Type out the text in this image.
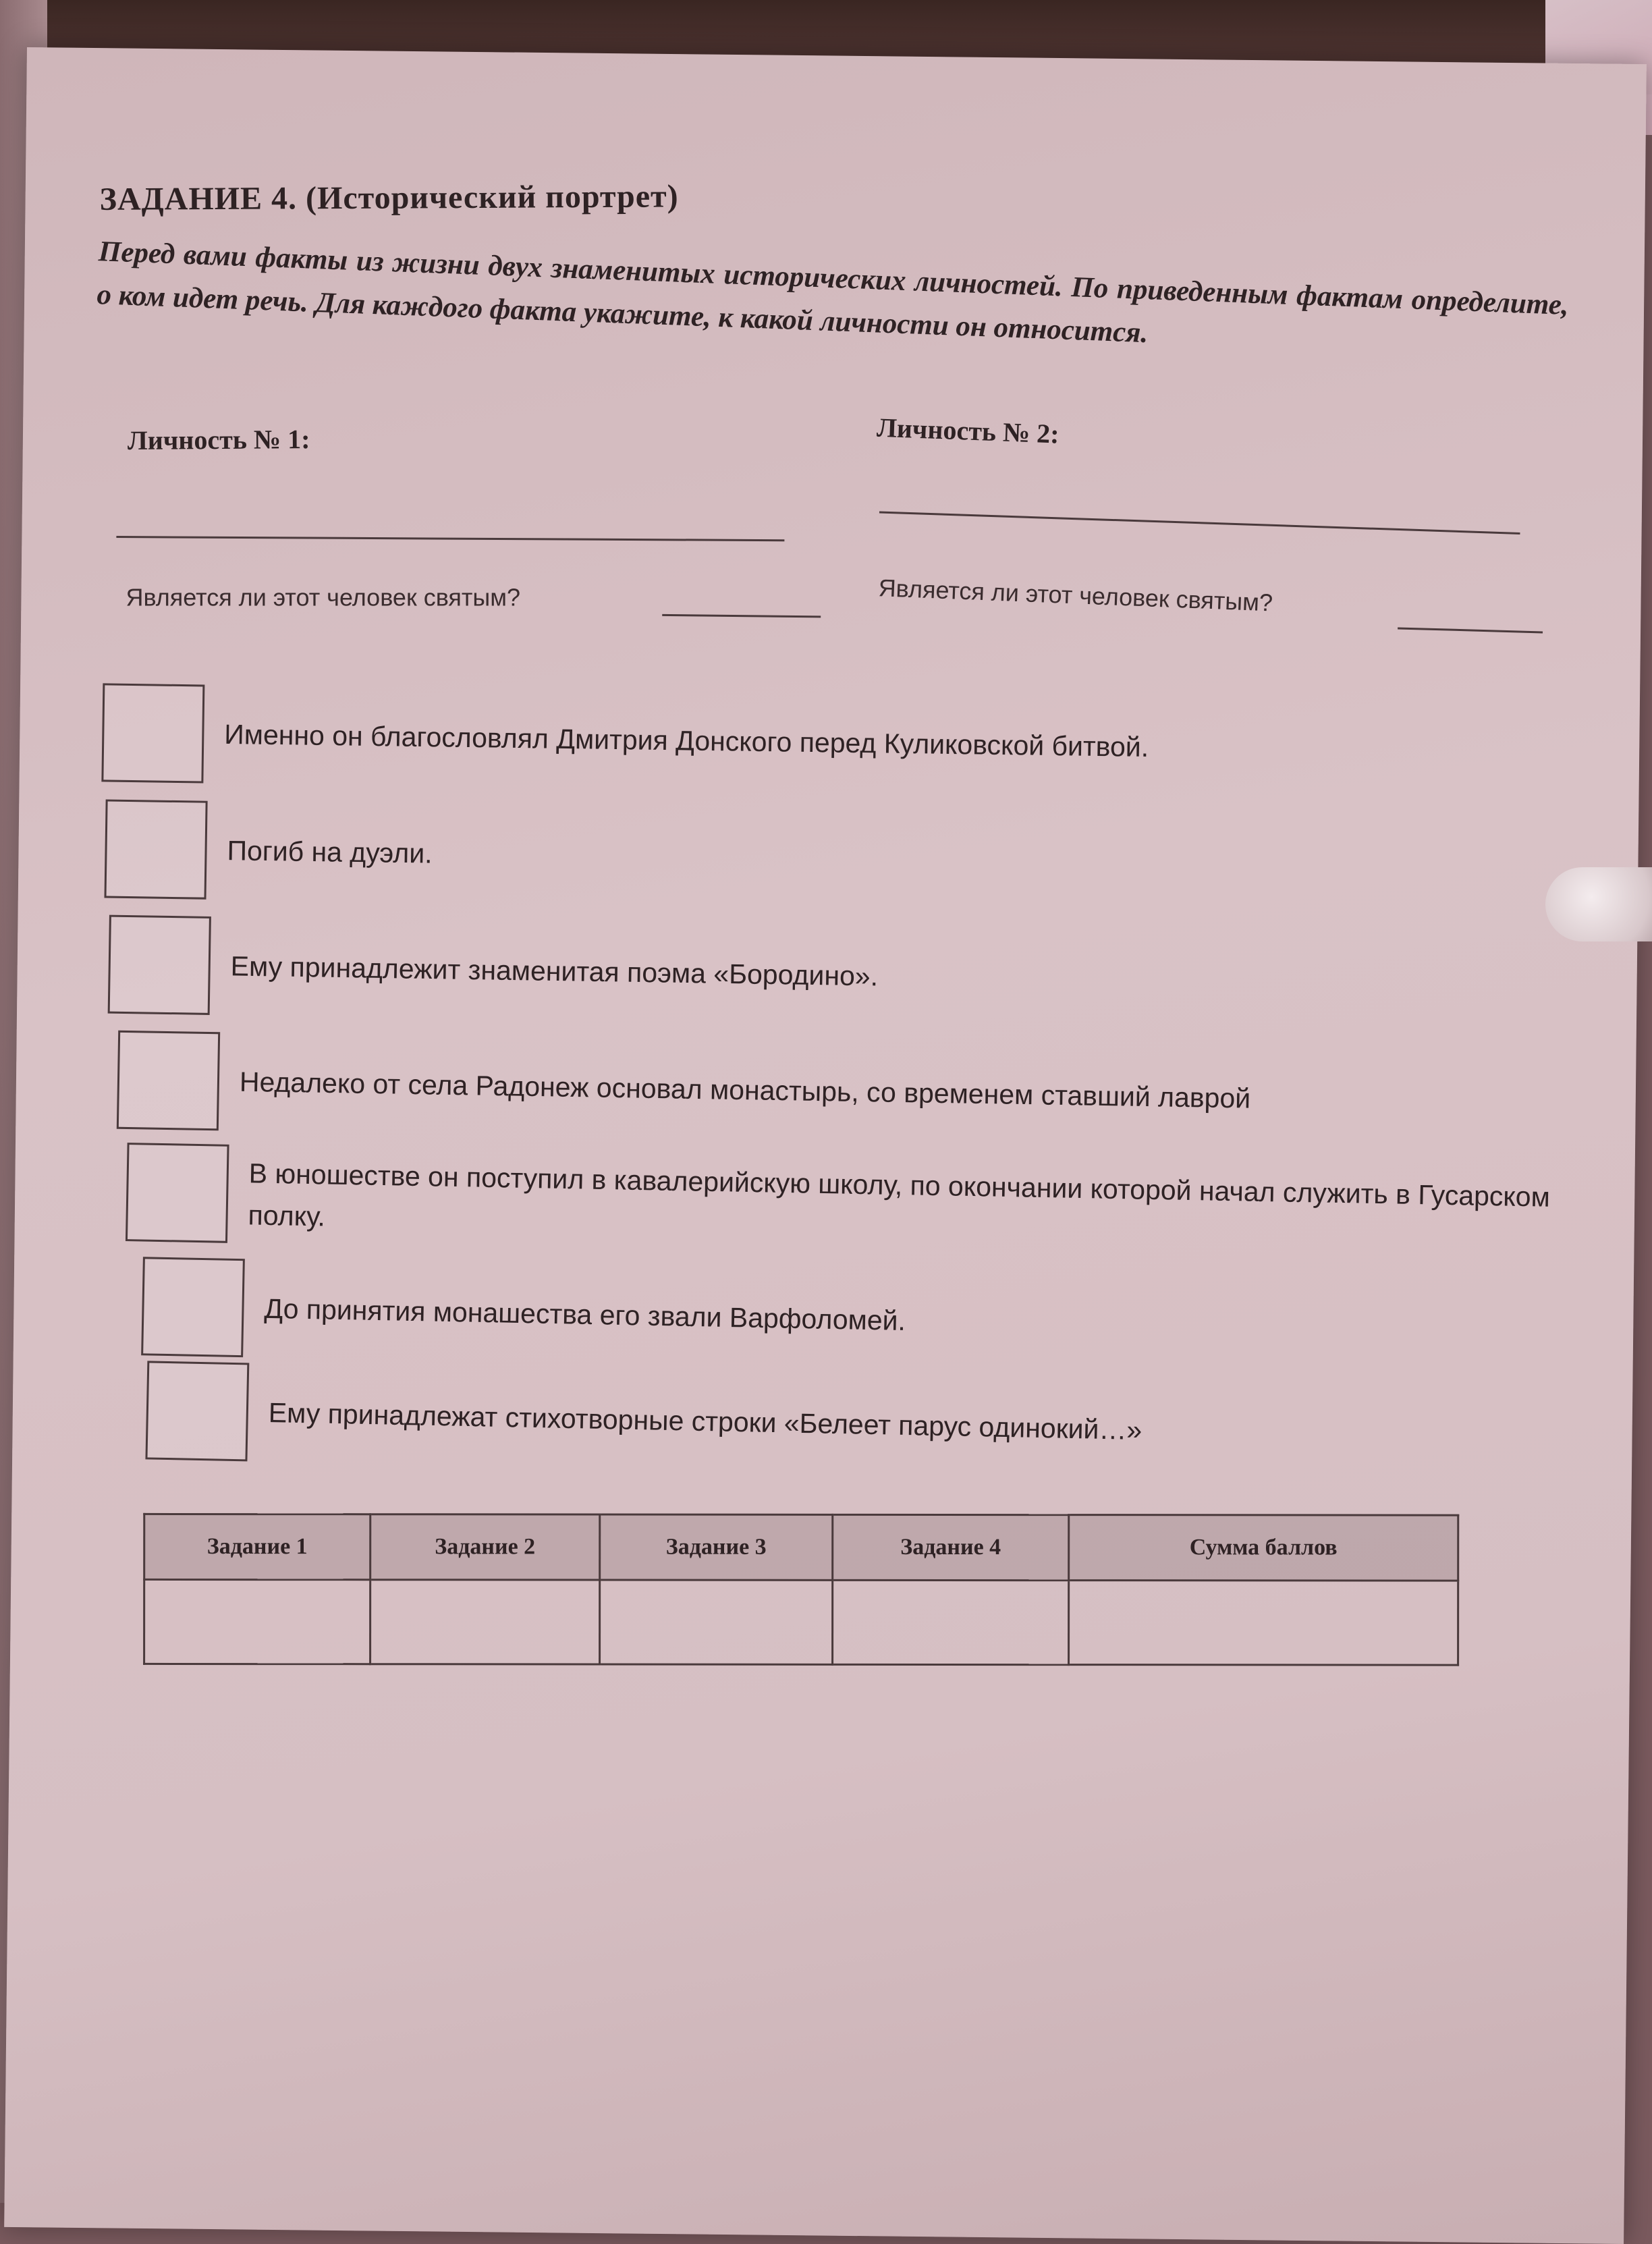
ЗАДАНИЕ 4. (Исторический портрет)
Перед вами факты из жизни двух знаменитых исторических личностей. По приведенным фактам определите, о ком идет речь. Для каждого факта укажите, к какой личности он относится.
Личность № 1:	Личность № 2:
Является ли этот человек святым?	Является ли этот человек святым?
Именно он благословлял Дмитрия Донского перед Куликовской битвой.
Погиб на дуэли.
Ему принадлежит знаменитая поэма «Бородино».
Недалеко от села Радонеж основал монастырь, со временем ставший лаврой
В юношестве он поступил в кавалерийскую школу, по окончании которой начал служить в Гусарском полку.
До принятия монашества его звали Варфоломей.
Ему принадлежат стихотворные строки «Белеет парус одинокий…»
Задание 1	Задание 2	Задание 3	Задание 4	Сумма баллов
